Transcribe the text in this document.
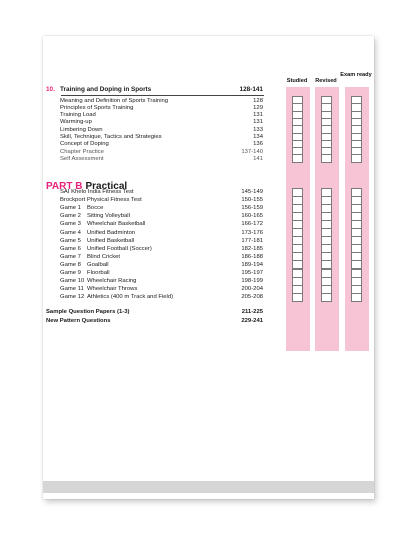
Studied	Revised
Exam ready
10. Training and Doping in Sports	128-141
Meaning and Definition of Sports Training	128
Principles of Sports Training	129
Training Load	131
Warming-up	131
Limbering Down	133
Skill, Technique, Tactics and Strategies	134
Concept of Doping	136
Chapter Practice	137-140
Self Assessment	141
PART B Practical
SAI Khelo India Fitness Test	145-149
Brockport Physical Fitness Test	150-155
Game 1 Bocce	156-159
Game 2 Sitting Volleyball	160-165
Game 3 Wheelchair Basketball	166-172
Game 4 Unified Badminton	173-176
Game 5 Unified Basketball	177-181
Game 6 Unified Football (Soccer)	182-185
Game 7 Blind Cricket	186-188
Game 8 Goalball	189-194
Game 9 Floorball	195-197
Game 10 Wheelchair Racing	198-199
Game 11 Wheelchair Throws	200-204
Game 12 Athletics (400 m Track and Field)	205-208
Sample Question Papers (1-3)	211-225
New Pattern Questions	229-241
